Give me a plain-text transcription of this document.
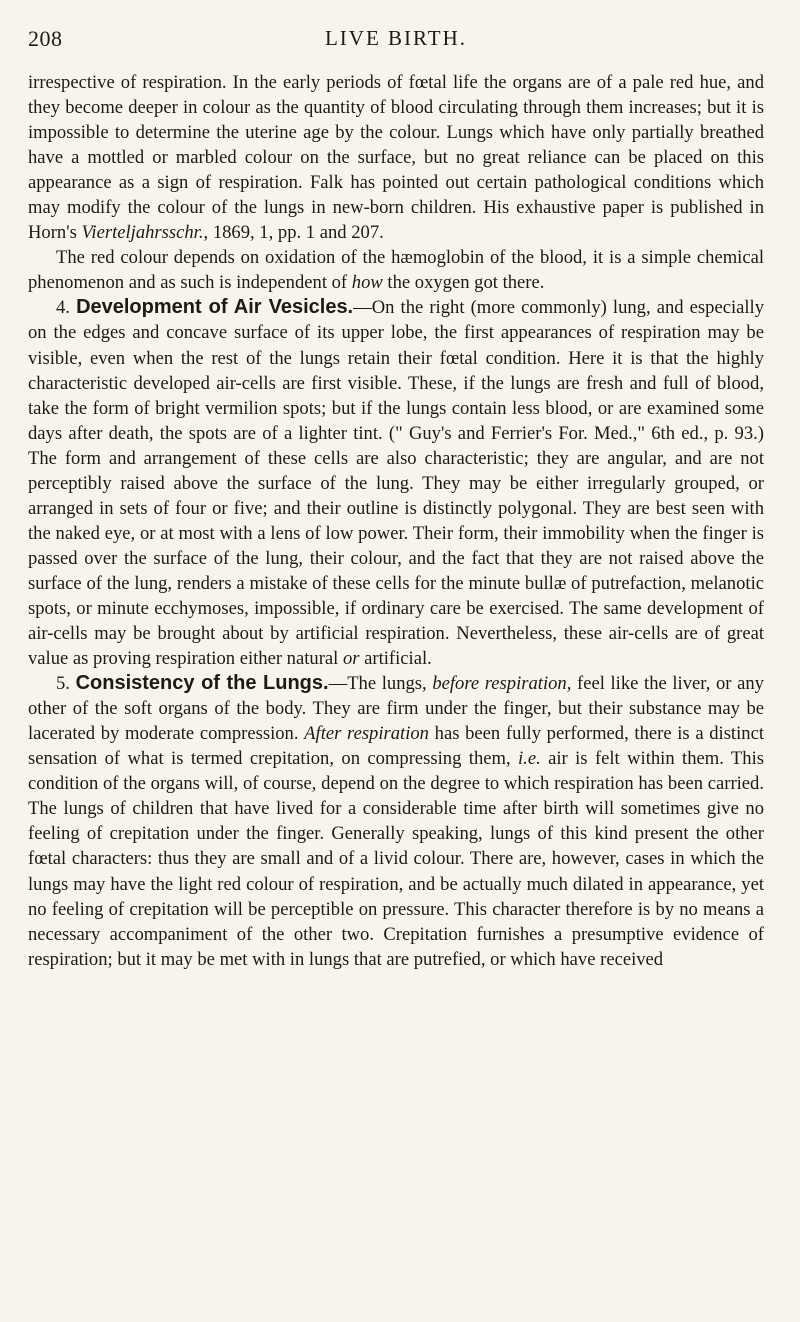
208	LIVE BIRTH.

irrespective of respiration. In the early periods of fœtal life the organs are of a pale red hue, and they become deeper in colour as the quantity of blood circulating through them increases; but it is impossible to determine the uterine age by the colour. Lungs which have only partially breathed have a mottled or marbled colour on the surface, but no great reliance can be placed on this appearance as a sign of respiration. Falk has pointed out certain pathological conditions which may modify the colour of the lungs in new-born children. His exhaustive paper is published in Horn's Vierteljahrsschr., 1869, 1, pp. 1 and 207.

The red colour depends on oxidation of the hæmoglobin of the blood, it is a simple chemical phenomenon and as such is independent of how the oxygen got there.

4. Development of Air Vesicles.—On the right (more commonly) lung, and especially on the edges and concave surface of its upper lobe, the first appearances of respiration may be visible, even when the rest of the lungs retain their fœtal condition. Here it is that the highly characteristic developed air-cells are first visible. These, if the lungs are fresh and full of blood, take the form of bright vermilion spots; but if the lungs contain less blood, or are examined some days after death, the spots are of a lighter tint. (" Guy's and Ferrier's For. Med.," 6th ed., p. 93.) The form and arrangement of these cells are also characteristic; they are angular, and are not perceptibly raised above the surface of the lung. They may be either irregularly grouped, or arranged in sets of four or five; and their outline is distinctly polygonal. They are best seen with the naked eye, or at most with a lens of low power. Their form, their immobility when the finger is passed over the surface of the lung, their colour, and the fact that they are not raised above the surface of the lung, renders a mistake of these cells for the minute bullæ of putrefaction, melanotic spots, or minute ecchymoses, impossible, if ordinary care be exercised. The same development of air-cells may be brought about by artificial respiration. Nevertheless, these air-cells are of great value as proving respiration either natural or artificial.

5. Consistency of the Lungs.—The lungs, before respiration, feel like the liver, or any other of the soft organs of the body. They are firm under the finger, but their substance may be lacerated by moderate compression. After respiration has been fully performed, there is a distinct sensation of what is termed crepitation, on compressing them, i.e. air is felt within them. This condition of the organs will, of course, depend on the degree to which respiration has been carried. The lungs of children that have lived for a considerable time after birth will sometimes give no feeling of crepitation under the finger. Generally speaking, lungs of this kind present the other fœtal characters: thus they are small and of a livid colour. There are, however, cases in which the lungs may have the light red colour of respiration, and be actually much dilated in appearance, yet no feeling of crepitation will be perceptible on pressure. This character therefore is by no means a necessary accompaniment of the other two. Crepitation furnishes a presumptive evidence of respiration; but it may be met with in lungs that are putrefied, or which have received
